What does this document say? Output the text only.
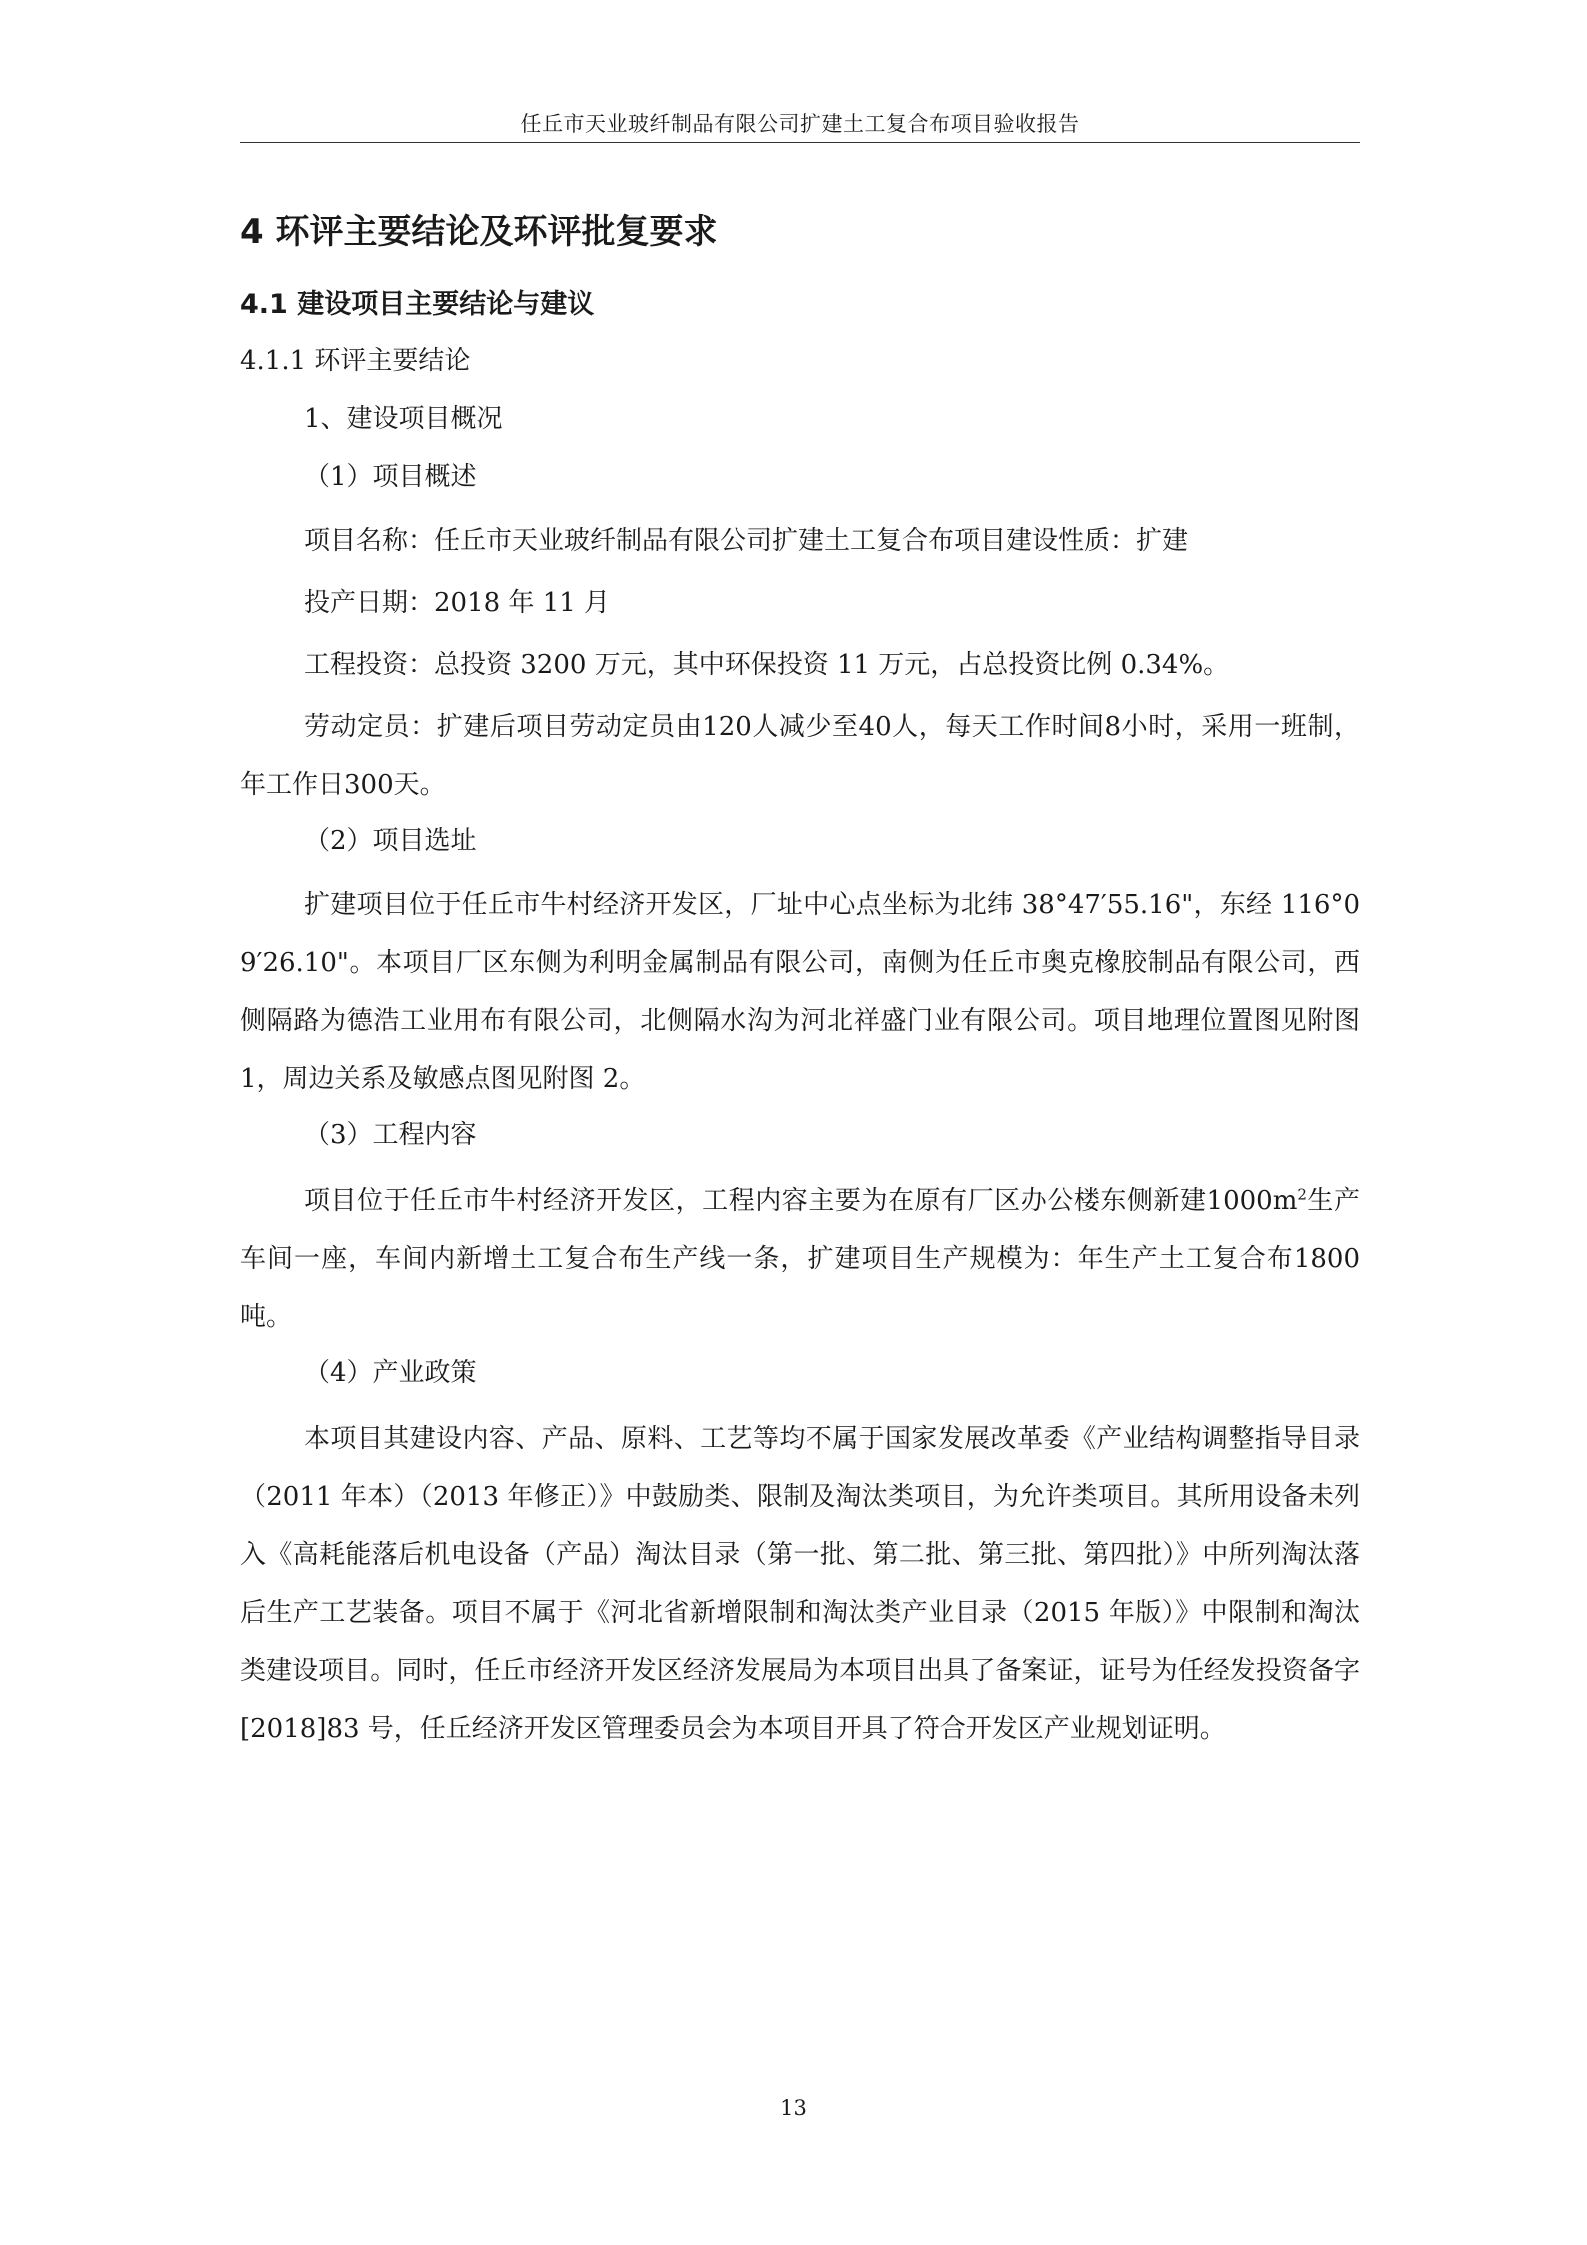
任丘市天业玻纤制品有限公司扩建土工复合布项目验收报告
4 环评主要结论及环评批复要求
4.1 建设项目主要结论与建议
4.1.1 环评主要结论
1、建设项目概况
（1）项目概述

项目名称：任丘市天业玻纤制品有限公司扩建土工复合布项目建设性质：扩建

投产日期：2018 年 11 月

工程投资：总投资 3200 万元，其中环保投资 11 万元，占总投资比例 0.34%。

劳动定员：扩建后项目劳动定员由120人减少至40人，每天工作时间8小时，采用一班制，年工作日300天。

（2）项目选址

扩建项目位于任丘市牛村经济开发区，厂址中心点坐标为北纬 38°47′55.16"，东经 116°09′26.10"。本项目厂区东侧为利明金属制品有限公司，南侧为任丘市奥克橡胶制品有限公司，西侧隔路为德浩工业用布有限公司，北侧隔水沟为河北祥盛门业有限公司。项目地理位置图见附图 1，周边关系及敏感点图见附图 2。

（3）工程内容

项目位于任丘市牛村经济开发区，工程内容主要为在原有厂区办公楼东侧新建$1000m^2$生产车间一座，车间内新增土工复合布生产线一条，扩建项目生产规模为：年生产土工复合布1800吨。

（4）产业政策

本项目其建设内容、产品、原料、工艺等均不属于国家发展改革委《产业结构调整指导目录（2011 年本）（2013 年修正）》中鼓励类、限制及淘汰类项目，为允许类项目。其所用设备未列入《高耗能落后机电设备（产品）淘汰目录（第一批、第二批、第三批、第四批）》中所列淘汰落后生产工艺装备。项目不属于《河北省新增限制和淘汰类产业目录（2015 年版）》中限制和淘汰类建设项目。同时，任丘市经济开发区经济发展局为本项目出具了备案证，证号为任经发投资备字[2018]83 号，任丘经济开发区管理委员会为本项目开具了符合开发区产业规划证明。

13
